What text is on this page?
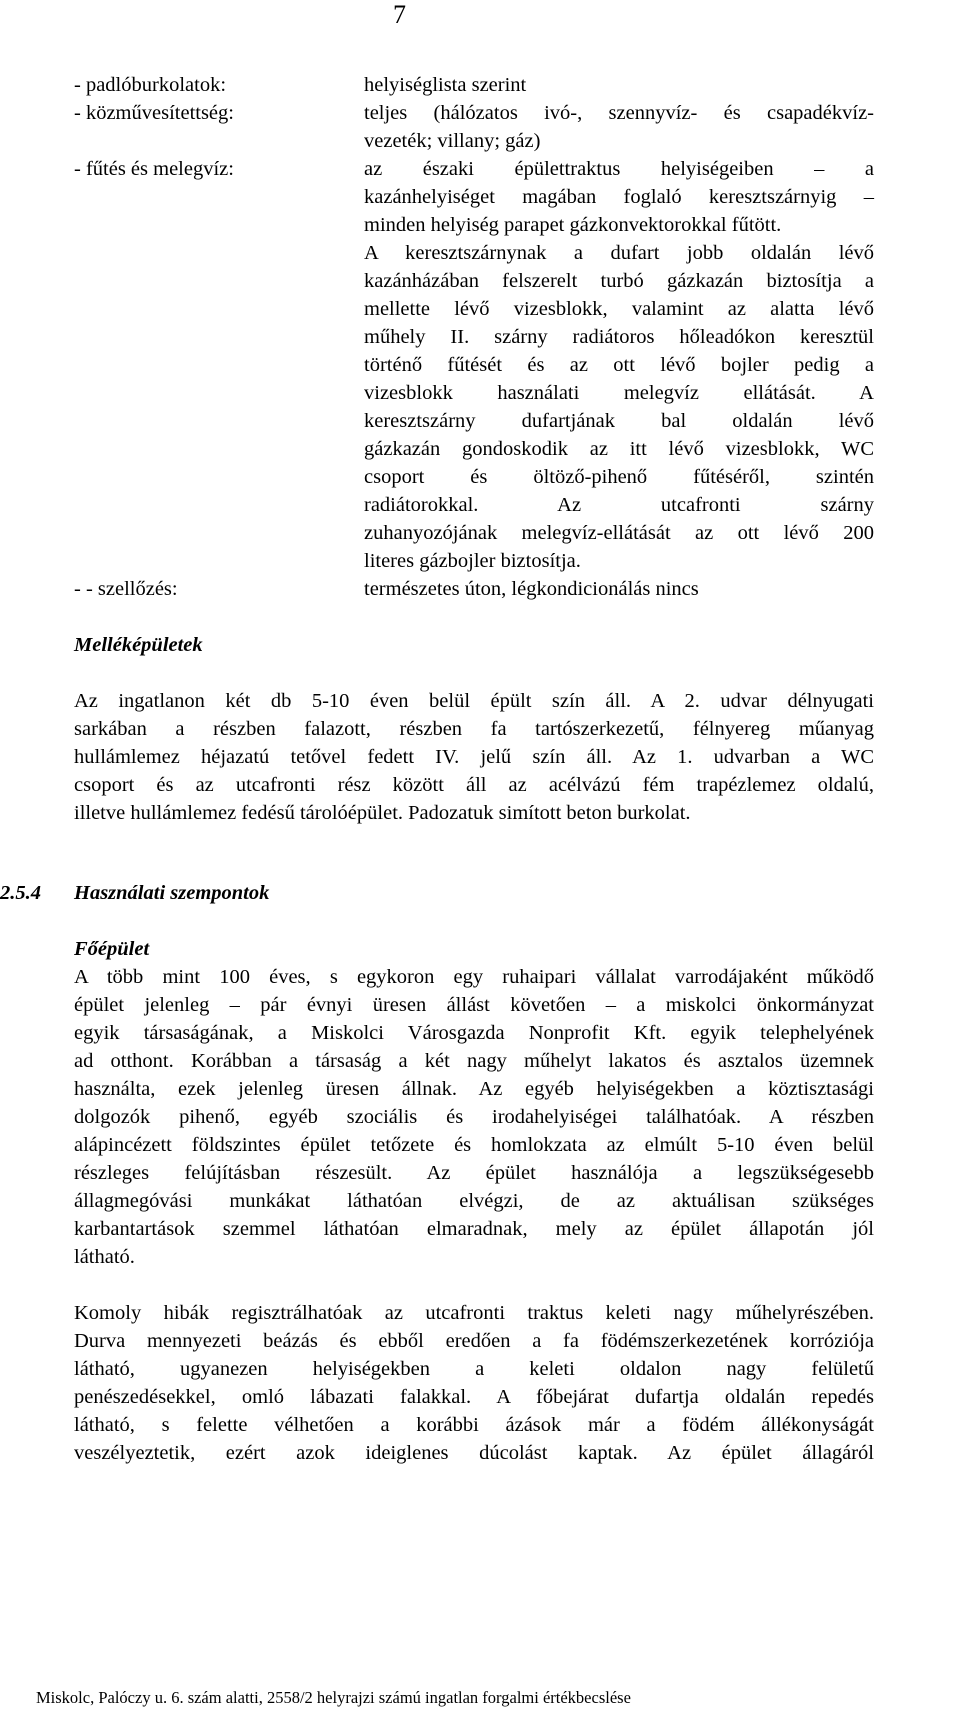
7
- padlóburkolatok:	helyiséglista szerint
- közművesítettség:	teljes (hálózatos ivó-, szennyvíz- és csapadékvíz-
vezeték; villany; gáz)
- fűtés és melegvíz:	az északi épülettraktus helyiségeiben – a
kazánhelyiséget magában foglaló keresztszárnyig –
minden helyiség parapet gázkonvektorokkal fűtött.
A keresztszárnynak a dufart jobb oldalán lévő
kazánházában felszerelt turbó gázkazán biztosítja a
mellette lévő vizesblokk, valamint az alatta lévő
műhely II. szárny radiátoros hőleadókon keresztül
történő fűtését és az ott lévő bojler pedig a
vizesblokk használati melegvíz ellátását. A
keresztszárny dufartjának bal oldalán lévő
gázkazán gondoskodik az itt lévő vizesblokk, WC
csoport és öltöző-pihenő fűtéséről, szintén
radiátorokkal. Az utcafronti szárny
zuhanyozójának melegvíz-ellátását az ott lévő 200
literes gázbojler biztosítja.
- - szellőzés:	természetes úton, légkondicionálás nincs
Melléképületek
Az ingatlanon két db 5-10 éven belül épült szín áll. A 2. udvar délnyugati
sarkában a részben falazott, részben fa tartószerkezetű, félnyereg műanyag
hullámlemez héjazatú tetővel fedett IV. jelű szín áll. Az 1. udvarban a WC
csoport és az utcafronti rész között áll az acélvázú fém trapézlemez oldalú,
illetve hullámlemez fedésű tárolóépület. Padozatuk simított beton burkolat.
2.5.4 Használati szempontok
Főépület
A több mint 100 éves, s egykoron egy ruhaipari vállalat varrodájaként működő
épület jelenleg – pár évnyi üresen állást követően – a miskolci önkormányzat
egyik társaságának, a Miskolci Városgazda Nonprofit Kft. egyik telephelyének
ad otthont. Korábban a társaság a két nagy műhelyt lakatos és asztalos üzemnek
használta, ezek jelenleg üresen állnak. Az egyéb helyiségekben a köztisztasági
dolgozók pihenő, egyéb szociális és irodahelyiségei találhatóak. A részben
alápincézett földszintes épület tetőzete és homlokzata az elmúlt 5-10 éven belül
részleges felújításban részesült. Az épület használója a legszükségesebb
állagmegóvási munkákat láthatóan elvégzi, de az aktuálisan szükséges
karbantartások szemmel láthatóan elmaradnak, mely az épület állapotán jól
látható.
Komoly hibák regisztrálhatóak az utcafronti traktus keleti nagy műhelyrészében.
Durva mennyezeti beázás és ebből eredően a fa födémszerkezetének korróziója
látható, ugyanezen helyiségekben a keleti oldalon nagy felületű
penészedésekkel, omló lábazati falakkal. A főbejárat dufartja oldalán repedés
látható, s felette vélhetően a korábbi ázások már a födém állékonyságát
veszélyeztetik, ezért azok ideiglenes dúcolást kaptak. Az épület állagáról
Miskolc, Palóczy u. 6. szám alatti, 2558/2 helyrajzi számú ingatlan forgalmi értékbecslése
